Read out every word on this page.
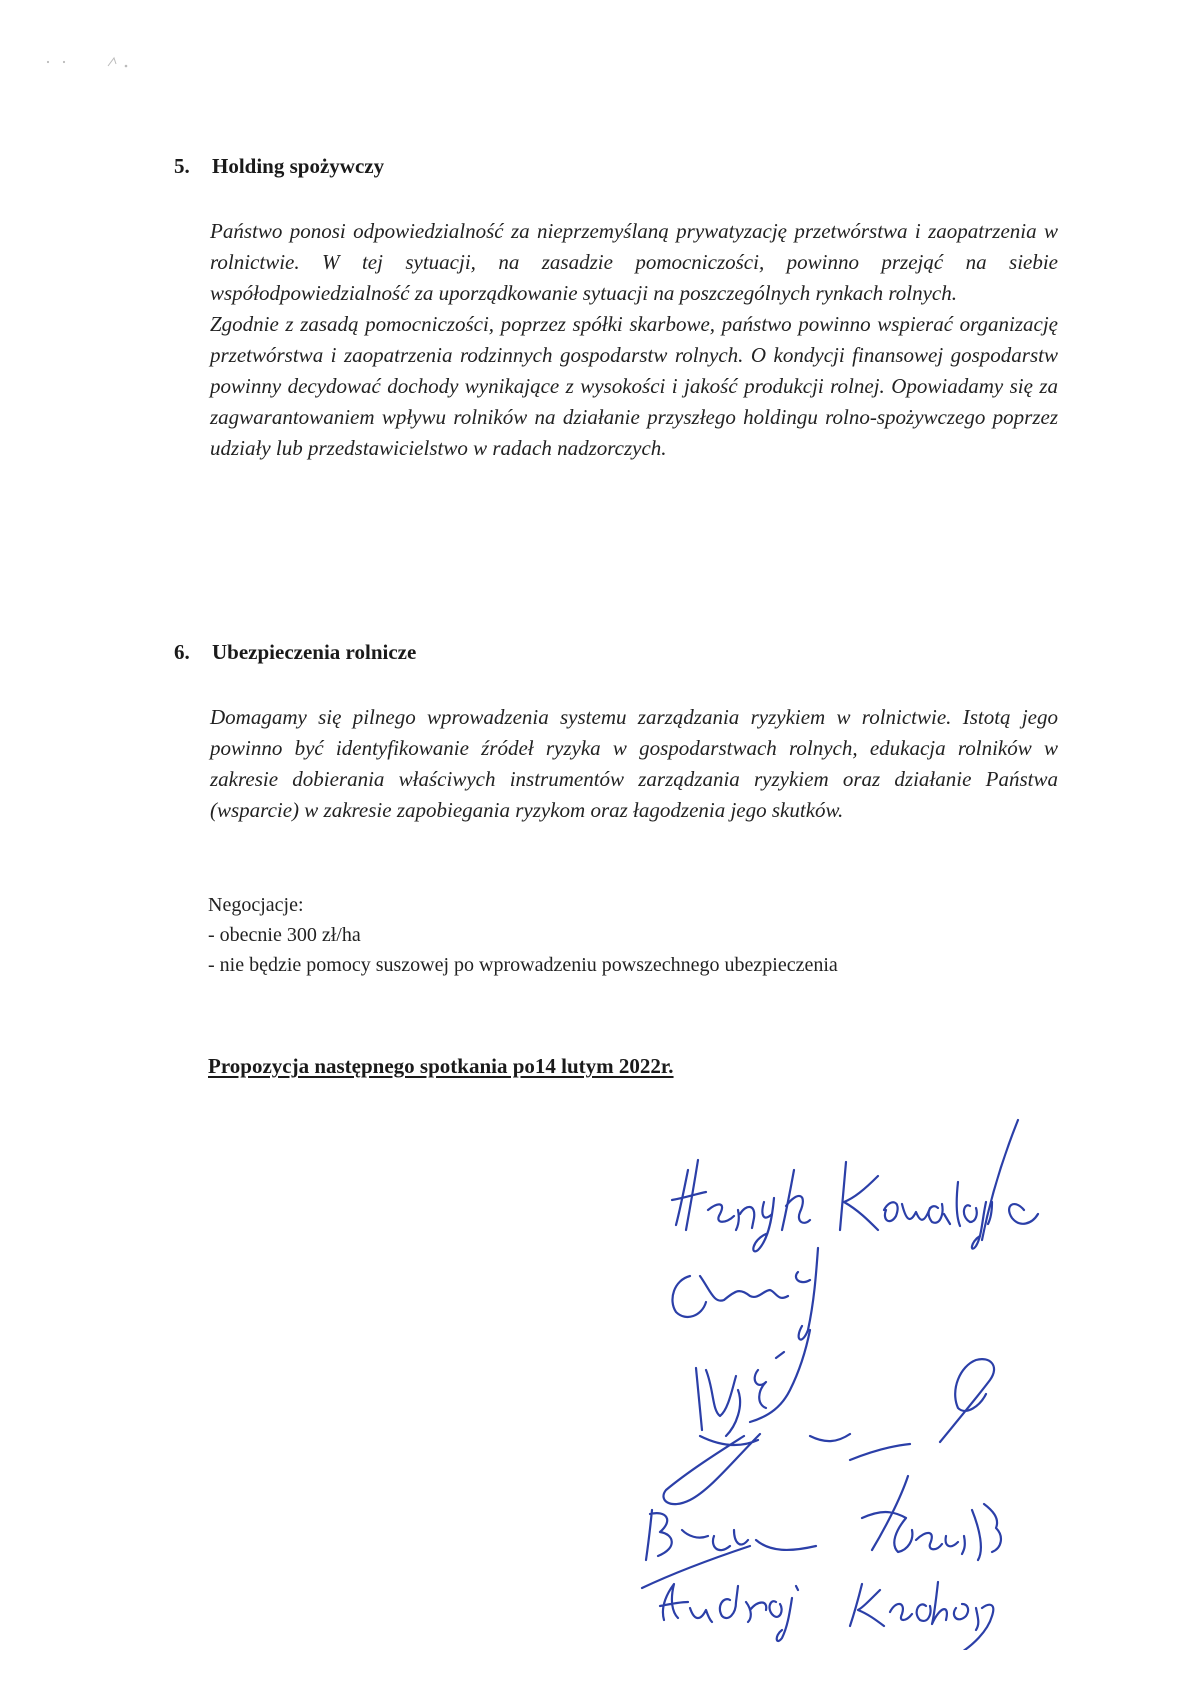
5. Holding spożywczy

Państwo ponosi odpowiedzialność za nieprzemyślaną prywatyzację przetwórstwa i zaopatrzenia w rolnictwie. W tej sytuacji, na zasadzie pomocniczości, powinno przejąć na siebie współodpowiedzialność za uporządkowanie sytuacji na poszczególnych rynkach rolnych.

Zgodnie z zasadą pomocniczości, poprzez spółki skarbowe, państwo powinno wspierać organizację przetwórstwa i zaopatrzenia rodzinnych gospodarstw rolnych. O kondycji finansowej gospodarstw powinny decydować dochody wynikające z wysokości i jakość produkcji rolnej. Opowiadamy się za zagwarantowaniem wpływu rolników na działanie przyszłego holdingu rolno-spożywczego poprzez udziały lub przedstawicielstwo w radach nadzorczych.

6. Ubezpieczenia rolnicze

Domagamy się pilnego wprowadzenia systemu zarządzania ryzykiem w rolnictwie. Istotą jego powinno być identyfikowanie źródeł ryzyka w gospodarstwach rolnych, edukacja rolników w zakresie dobierania właściwych instrumentów zarządzania ryzykiem oraz działanie Państwa (wsparcie) w zakresie zapobiegania ryzykom oraz łagodzenia jego skutków.

Negocjacje:
- obecnie 300 zł/ha
- nie będzie pomocy suszowej po wprowadzeniu powszechnego ubezpieczenia
Propozycja następnego spotkania po14 lutym 2022r.
